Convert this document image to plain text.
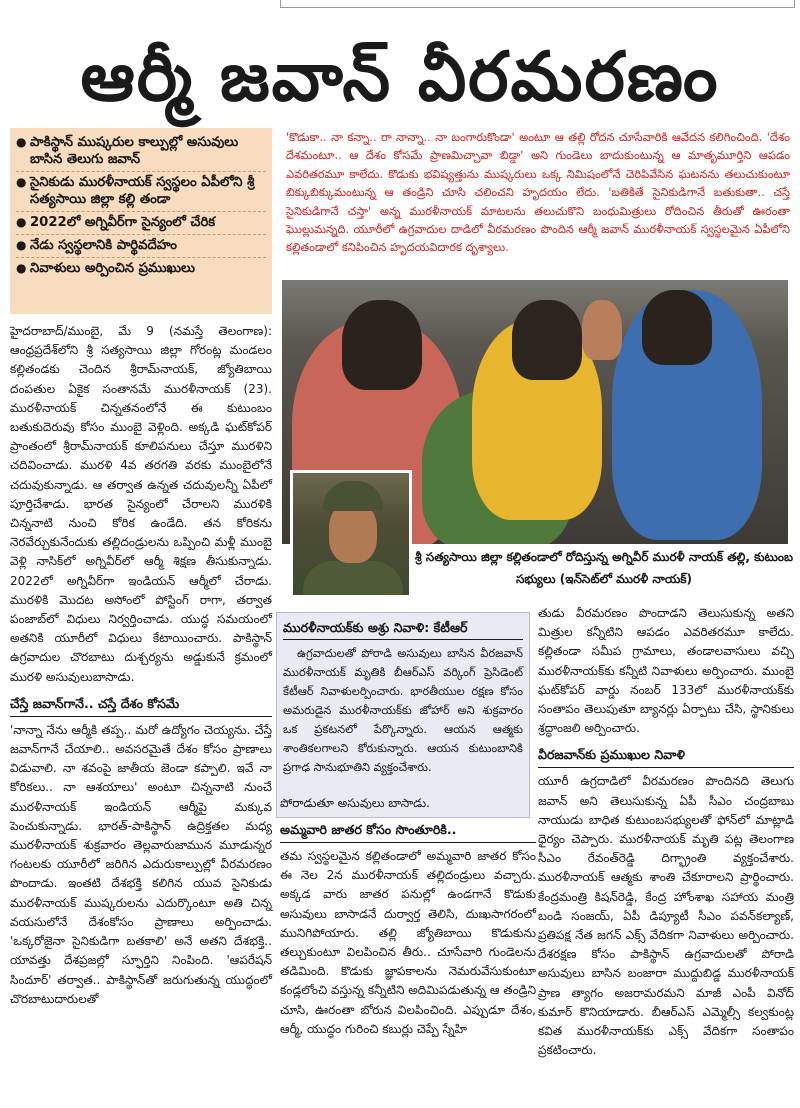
ఆర్మీ జవాన్ వీరమరణం
● పాకిస్థాన్ ముష్కరుల కాల్పుల్లో అసువులు బాసిన తెలుగు జవాన్
● సైనికుడు మురళీనాయక్ స్వస్థలం ఏపీలోని శ్రీ సత్యసాయి జిల్లా కల్లి తండా
● 2022లో అగ్నివీర్‌గా సైన్యంలో చేరిక
● నేడు స్వస్థలానికి పార్థివదేహం
● నివాళులు అర్పించిన ప్రముఖులు

'కొడుకా.. నా కన్నా.. రా నాన్నా.. నా బంగారుకొండా' అంటూ ఆ తల్లి రోదన చూసేవారికి ఆవేదన కలిగించింది. 'దేశం దేశమంటూ.. ఆ దేశం కోసమే ప్రాణమిచ్చావా బిడ్డా' అని గుండెలు బాదుకుంటున్న ఆ మాతృమూర్తిని ఆపడం ఎవరితరమూ కాలేదు. కొడుకు భవిష్యత్తును ముష్కరులు ఒక్క నిమిషంలోనే చెరిపివేసిన ఘటనను తలుచుకుంటూ బిక్కుబిక్కుమంటున్న ఆ తండ్రిని చూసి చలించని హృదయం లేదు. 'బతికితే సైనికుడిగానే బతుకుతా.. చస్తే సైనికుడిగానే చస్తా' అన్న మురళీనాయక్ మాటలను తలుచుకొని బంధుమిత్రులు రోదించిన తీరుతో ఊరంతా ఘొల్లుమన్నది. యూరీలో ఉగ్రవాదుల దాడిలో వీరమరణం పొందిన ఆర్మీ జవాన్ మురళీనాయక్ స్వస్థలమైన ఏపీలోని కల్లితండాలో కనిపించిన హృదయవిదారక దృశ్యాలు.

శ్రీ సత్యసాయి జిల్లా కల్లితండాలో రోదిస్తున్న అగ్నివీర్ మురళీ నాయక్ తల్లి, కుటుంబ సభ్యులు (ఇన్‌సెట్‌లో మురళీ నాయక్)

హైదరాబాద్/ముంబై, మే 9 (నమస్తే తెలంగాణ): ఆంధ్రప్రదేశ్‌లోని శ్రీ సత్యసాయి జిల్లా గోరంట్ల మండలం కల్లితండకు చెందిన శ్రీరామ్‌నాయక్, జ్యోతిబాయి దంపతుల ఏకైక సంతానమే మురళీనాయక్ (23). మురళీనాయక్ చిన్నతనంలోనే ఈ కుటుంబం బతుకుదెరువు కోసం ముంబై వెళ్లింది. అక్కడి ఘట్‌కోపర్ ప్రాంతంలో శ్రీరామ్‌నాయక్ కూలిపనులు చేస్తూ మురళిని చదివించాడు. మురళి 4వ తరగతి వరకు ముంబైలోనే చదువుకున్నాడు. ఆ తర్వాత ఉన్నత చదువులన్నీ ఏపీలో పూర్తిచేశాడు. భారత సైన్యంలో చేరాలని మురళికి చిన్ననాటి నుంచి కోరిక ఉండేది. తన కోరికను నెరవేర్చుకునేందుకు తల్లిదండ్రులను ఒప్పించి మళ్లీ ముంబై వెళ్లి నాసిక్‌లో అగ్నివీర్‌లో ఆర్మీ శిక్షణ తీసుకున్నాడు. 2022లో అగ్నివీర్‌గా ఇండియన్ ఆర్మీలో చేరాడు. మురళికి మొదట అసోంలో పోస్టింగ్ రాగా, తర్వాత పంజాబ్‌లో విధులు నిర్వర్తించాడు. యుద్ధ సమయంలో అతనికి యూరీలో విధులు కేటాయించారు. పాకిస్థాన్ ఉగ్రవాదుల చొరబాటు దుశ్చర్యను అడ్డుకునే క్రమంలో మురళి అసువులుబాసాడు.

చేస్తే జవాన్‌గానే.. చస్తే దేశం కోసమే

'నాన్నా నేను ఆర్మీకి తప్ప.. మరో ఉద్యోగం చెయ్యను. చేస్తే జవాన్‌గానే చేయాలి.. అవసరమైతే దేశం కోసం ప్రాణాలు విడువాలి. నా శవంపై జాతీయ జెండా కప్పాలి. ఇవే నా కోరికలు.. నా ఆశయాలు' అంటూ చిన్ననాటి నుంచే మురళీనాయక్ ఇండియన్ ఆర్మీపై మక్కువ పెంచుకున్నాడు. భారత్-పాకిస్థాన్ ఉద్రిక్తతల మధ్య మురళీనాయక్ శుక్రవారం తెల్లవారుజామున మూడున్నర గంటలకు యూరీలో జరిగిన ఎదురుకాల్పుల్లో వీరమరణం పొందాడు. ఇంతటి దేశభక్తి కలిగిన యువ సైనికుడు మురళీనాయక్ ముష్కరులను ఎదుర్కొంటూ అతి చిన్న వయసులోనే దేశంకోసం ప్రాణాలు అర్పించాడు. 'ఒక్కరోజైనా సైనికుడిగా బతకాలి' అనే అతని దేశభక్తి.. యావత్తు దేశప్రజల్లో స్ఫూర్తిని నింపింది. 'ఆపరేషన్ సిందూర్' తర్వాత.. పాకిస్థాన్‌తో జరుగుతున్న యుద్ధంలో చొరబాటుదారులతో

మురళీనాయక్‌కు అశ్రు నివాళి: కేటీఆర్

ఉగ్రవాదులతో పోరాడి అసువులు బాసిన వీరజవాన్ మురళీనాయక్ మృతికి బీఆర్‌ఎస్ వర్కింగ్ ప్రెసిడెంట్ కేటీఆర్ నివాళులర్పించారు. భారతీయుల రక్షణ కోసం అమరుడైన మురళీనాయక్‌కు జోహార్ అని శుక్రవారం ఒక ప్రకటనలో పేర్కొన్నారు. ఆయన ఆత్మకు శాంతికలగాలని కోరుకున్నారు. ఆయన కుటుంబానికి ప్రగాఢ సానుభూతిని వ్యక్తంచేశారు.

పోరాడుతూ అసువులు బాసాడు.

అమ్మవారి జాతర కోసం సొంతూరికి..

తమ స్వస్థలమైన కల్లితండాలో అమ్మవారి జాతర కోసం ఈ నెల 2న మురళీనాయక్ తల్లిదండ్రులు వచ్చారు. అక్కడ వారు జాతర పనుల్లో ఉండగానే కొడుకు అసువులు బాసాడనే దుర్వార్త తెలిసి, దుఃఖసాగరంలో మునిగిపోయారు. తల్లి జ్యోతిబాయి కొడుకును తల్చుకుంటూ విలపించిన తీరు.. చూసేవారి గుండెలను తడిమింది. కొడుకు జ్ఞాపకాలను నెమరువేసుకుంటూ కండ్లలోంచి వస్తున్న కన్నీటిని అదిమిపడుతున్న ఆ తండ్రిని చూసి, ఊరంతా బోరున విలపించింది. ఎప్పుడూ దేశం, ఆర్మీ, యుద్ధం గురించి కబుర్లు చెప్పే స్నేహి

తుడు వీరమరణం పొందాడని తెలుసుకున్న అతని మిత్రుల కన్నీటిని ఆపడం ఎవరితరమూ కాలేదు. కల్లితండా సమీప గ్రామాలు, తండాలవాసులు వచ్చి మురళీనాయక్‌కు కన్నీటి నివాళులు అర్పించారు. ముంబై ఘట్‌కోపర్ వార్డు నంబర్ 133లో మురళీనాయక్‌కు సంతాపం తెలుపుతూ బ్యానర్లు ఏర్పాటు చేసి, స్థానికులు శ్రద్ధాంజలి అర్పించారు.

వీరజవాన్‌కు ప్రముఖుల నివాళి

యూరీ ఉగ్రదాడిలో వీరమరణం పొందినది తెలుగు జవాన్ అని తెలుసుకున్న ఏపీ సీఎం చంద్రబాబు నాయుడు బాధిత కుటుంబసభ్యులతో ఫోన్‌లో మాట్లాడి ధైర్యం చెప్పారు. మురళీనాయక్ మృతి పట్ల తెలంగాణ సీఎం రేవంత్‌రెడ్డి దిగ్భ్రాంతి వ్యక్తంచేశారు. మురళీనాయక్ ఆత్మకు శాంతి చేకూరాలని ప్రార్థించారు. కేంద్రమంత్రి కిషన్‌రెడ్డి, కేంద్ర హోంశాఖ సహాయ మంత్రి బండి సంజయ్, ఏపీ డిప్యూటీ సీఎం పవన్‌కల్యాణ్, ప్రతిపక్ష నేత జగన్ ఎక్స్ వేదికగా నివాళులు అర్పించారు. దేశరక్షణ కోసం పాకిస్థాన్ ఉగ్రవాదులతో పోరాడి అసువులు బాసిన బంజారా ముద్దుబిడ్డ మురళీనాయక్ ప్రాణ త్యాగం అజరామరమని మాజీ ఎంపీ వినోద్ కుమార్ కొనియాడారు. బీఆర్‌ఎస్ ఎమ్మెల్సీ కల్వకుంట్ల కవిత మురళీనాయక్‌కు ఎక్స్ వేదికగా సంతాపం ప్రకటించారు.
